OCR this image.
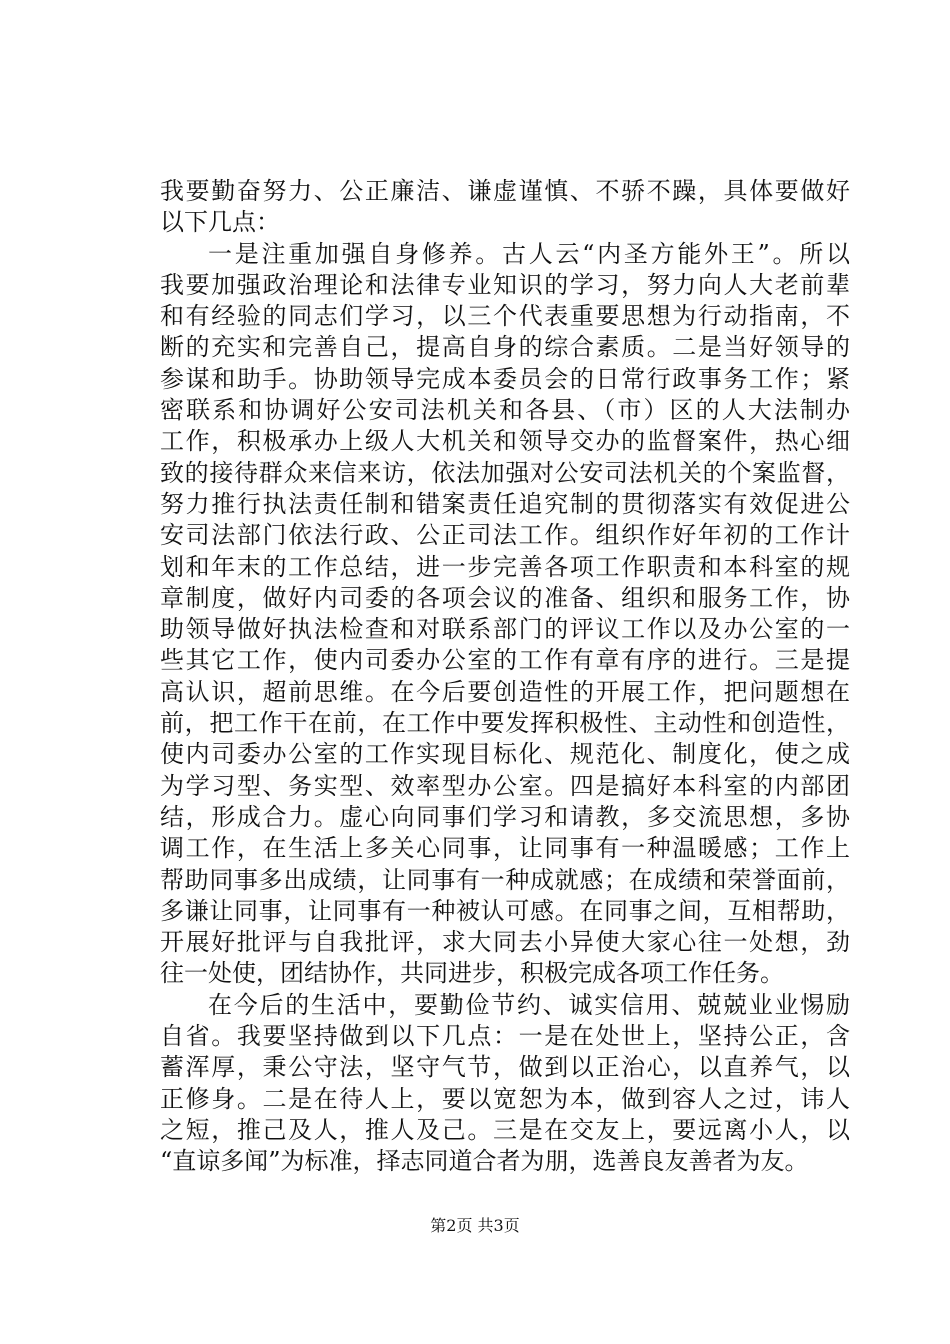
我要勤奋努力、公正廉洁、谦虚谨慎、不骄不躁，具体要做好
以下几点：
一是注重加强自身修养。古人云“内圣方能外王”。所以
我要加强政治理论和法律专业知识的学习，努力向人大老前辈
和有经验的同志们学习，以三个代表重要思想为行动指南，不
断的充实和完善自己，提高自身的综合素质。二是当好领导的
参谋和助手。协助领导完成本委员会的日常行政事务工作；紧
密联系和协调好公安司法机关和各县、（市）区的人大法制办
工作，积极承办上级人大机关和领导交办的监督案件，热心细
致的接待群众来信来访，依法加强对公安司法机关的个案监督，
努力推行执法责任制和错案责任追究制的贯彻落实有效促进公
安司法部门依法行政、公正司法工作。组织作好年初的工作计
划和年末的工作总结，进一步完善各项工作职责和本科室的规
章制度，做好内司委的各项会议的准备、组织和服务工作，协
助领导做好执法检查和对联系部门的评议工作以及办公室的一
些其它工作，使内司委办公室的工作有章有序的进行。三是提
高认识，超前思维。在今后要创造性的开展工作，把问题想在
前，把工作干在前，在工作中要发挥积极性、主动性和创造性，
使内司委办公室的工作实现目标化、规范化、制度化，使之成
为学习型、务实型、效率型办公室。四是搞好本科室的内部团
结，形成合力。虚心向同事们学习和请教，多交流思想，多协
调工作，在生活上多关心同事，让同事有一种温暖感；工作上
帮助同事多出成绩，让同事有一种成就感；在成绩和荣誉面前，
多谦让同事，让同事有一种被认可感。在同事之间，互相帮助，
开展好批评与自我批评，求大同去小异使大家心往一处想，劲
往一处使，团结协作，共同进步，积极完成各项工作任务。
在今后的生活中，要勤俭节约、诚实信用、兢兢业业惕励
自省。我要坚持做到以下几点：一是在处世上，坚持公正，含
蓄浑厚，秉公守法，坚守气节，做到以正治心，以直养气，以
正修身。二是在待人上，要以宽恕为本，做到容人之过，讳人
之短，推己及人，推人及己。三是在交友上，要远离小人，以
“直谅多闻”为标准，择志同道合者为朋，选善良友善者为友。
第2页 共3页
